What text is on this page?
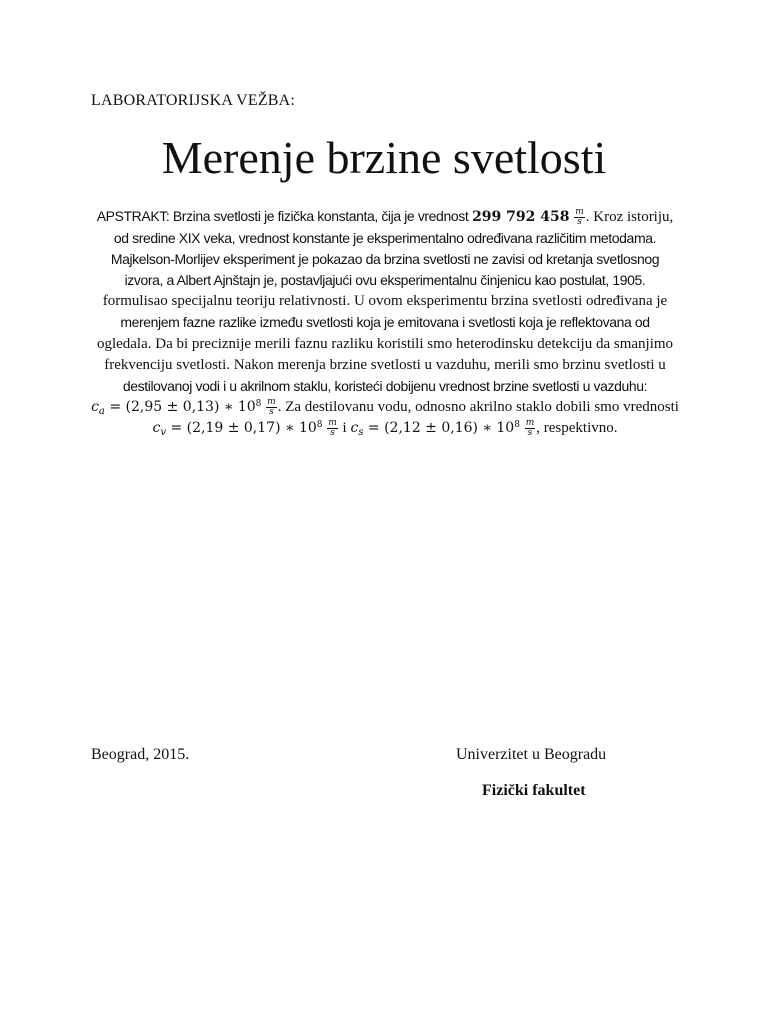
LABORATORIJSKA VEŽBA:
Merenje brzine svetlosti
APSTRAKT: Brzina svetlosti je fizička konstanta, čija je vrednost 299 792 $458 \frac{m}{s}$ . Kroz istoriju,
od sredine XIX veka, vrednost konstante je eksperimentalno određivana različitim metodama.
Majkelson-Morlijev eksperiment je pokazao da brzina svetlosti ne zavisi od kretanja svetlosnog
izvora, a Albert Ajnštajn je, postavljajući ovu eksperimentalnu činjenicu kao postulat, 1905.
formulisao specijalnu teoriju relativnosti. U ovom eksperimentu brzina svetlosti određivana je
merenjem fazne razlike između svetlosti koja je emitovana i svetlosti koja je reflektovana od
ogledala. Da bi preciznije merili faznu razliku koristili smo heterodinsku detekciju da smanjimo
frekvenciju svetlosti. Nakon merenja brzine svetlosti u vazduhu, merili smo brzinu svetlosti u
destilovanoj vodi i u akrilnom staklu, koristeći dobijenu vrednost brzine svetlosti u vazduhu:
$c_a = (2,95 \pm 0,13)$ ∗ $10^8 \frac{m}{s}$ . Za destilovanu vodu, odnosno akrilno staklo dobili smo vrednosti
$c_v = (2,19 \pm 0,17)$ ∗ $10^8 \frac{m}{s}$ i $c_s = (2,12 \pm 0,16)$ ∗ $10^8 \frac{m}{s}$ , respektivno.
Beograd, 2015.	Univerzitet u Beogradu
Fizički fakultet
